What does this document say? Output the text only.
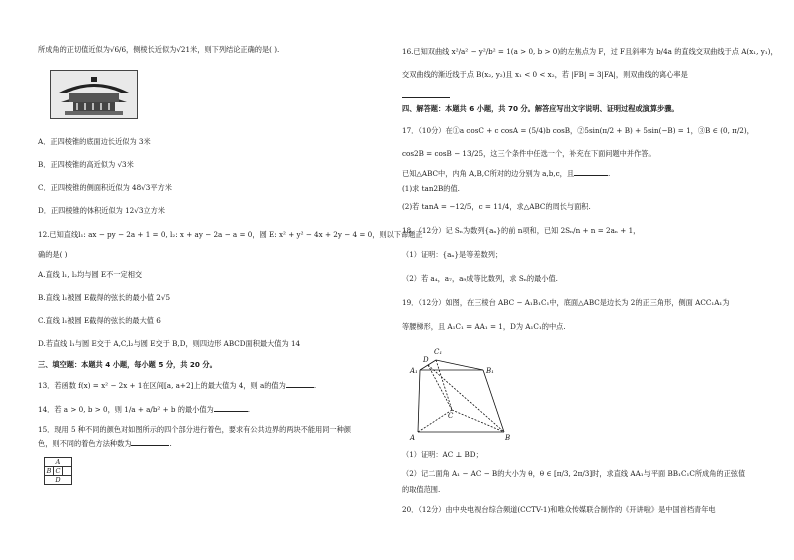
所成角的正切值近似为√6/6，侧棱长近似为√21米，则下列结论正确的是( ).
A．正四棱锥的底面边长近似为 3米
B．正四棱锥的高近似为 √3米
C．正四棱锥的侧面积近似为 48√3平方米
D．正四棱锥的体积近似为 12√3立方米
12.已知直线l₁: ax − py − 2a + 1 = 0, l₂: x + ay − 2a − a = 0，圆 E: x² + y² − 4x + 2y − 4 = 0，则以下命题正
确的是( )
A.直线 l₁, l₂均与圆 E不一定相交
B.直线 l₁被圆 E截得的弦长的最小值 2√5
C.直线 l₁被圆 E截得的弦长的最大值 6
D.若直线 l₁与圆 E交于 A,C,l₂与圆 E交于 B,D，则四边形 ABCD面积最大值为 14
三、填空题：本题共 4 小题，每小题 5 分，共 20 分。
13．若函数 f(x) = x² − 2x + 1在区间[a, a+2]上的最大值为 4，则 a的值为	.
14．若 a > 0, b > 0，则 1/a + a/b² + b 的最小值为	.
15．现用 5 种不同的颜色对如图所示的四个部分进行着色，要求有公共边界的两块不能用同一种颜
色，则不同的着色方法种数为	.
A
B	C	
D
16.已知双曲线 x²/a² − y²/b² = 1(a > 0, b > 0)的左焦点为 F，过 F且斜率为 b/4a 的直线交双曲线于点 A(x₁, y₁)，
交双曲线的渐近线于点 B(x₂, y₂)且 x₁ < 0 < x₂，若 |FB| = 3|FA|，则双曲线的离心率是
四、解答题：本题共 6 小题，共 70 分。解答应写出文字说明、证明过程或演算步骤。
17．（10分）在①a cosC + c cosA = (5/4)b cosB，②5sin(π/2 + B) + 5sin(−B) = 1，③B ∈ (0, π/2)，
cos2B = cosB − 13/25，这三个条件中任选一个，补充在下面问题中并作答。
已知△ABC中，内角 A,B,C所对的边分别为 a,b,c，且	.
(1)求 tan2B的值.
(2)若 tanA = −12/5，c = 11/4，求△ABC的周长与面积.
18．（12分）记 Sₙ为数列{aₙ}的前 n项和，已知 2Sₙ/n + n = 2aₙ + 1，
（1）证明：{aₙ}是等差数列；
（2）若 a₄，a₇，a₉成等比数列，求 Sₙ的最小值.
19．（12分）如图，在三棱台 ABC − A₁B₁C₁中，底面△ABC是边长为 2的正三角形，侧面 ACC₁A₁为
等腰梯形，且 A₁C₁ = AA₁ = 1，D为 A₁C₁的中点.
C₁
D
A₁	B₁
C
A	B
（1）证明：AC ⊥ BD；
（2）记二面角 A₁ − AC − B的大小为 θ，θ ∈ [π/3, 2π/3]时，求直线 AA₁与平面 BB₁C₁C所成角的正弦值
的取值范围.
20．（12分）由中央电视台综合频道(CCTV-1)和唯众传媒联合制作的《开讲啦》是中国首档青年电
